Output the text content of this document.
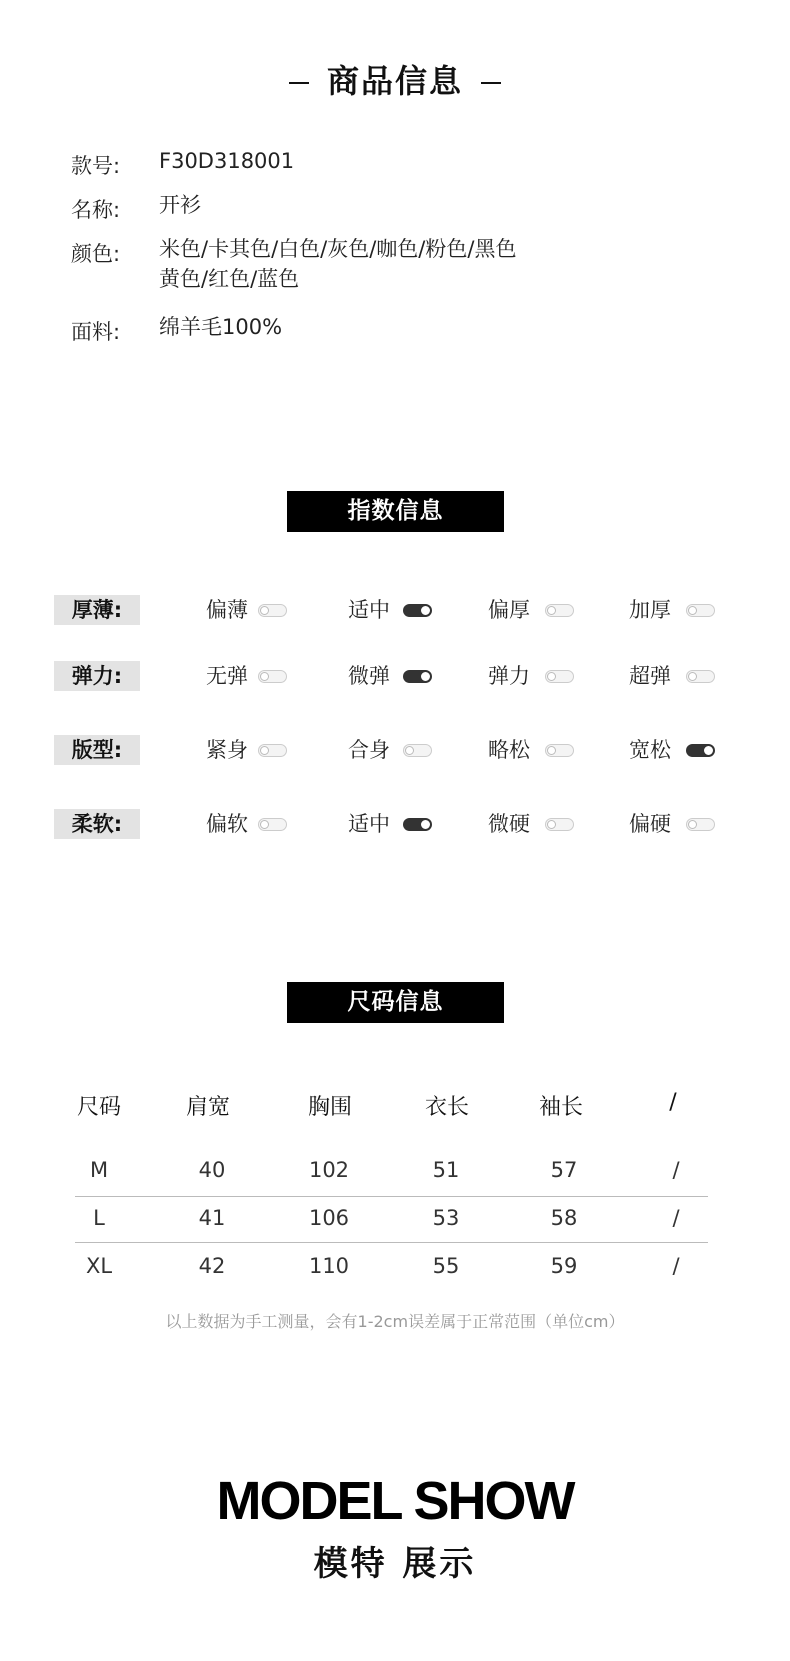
商品信息
款号:	F30D318001
名称:	开衫
颜色:	米色/卡其色/白色/灰色/咖色/粉色/黑色
黄色/红色/蓝色
面料:	绵羊毛100%
指数信息
厚薄:	偏薄	适中	偏厚	加厚
弹力:	无弹	微弹	弹力	超弹
版型:	紧身	合身	略松	宽松
柔软:	偏软	适中	微硬	偏硬
尺码信息
尺码	肩宽	胸围	衣长	袖长	/
M	40	102	51	57	/
L	41	106	53	58	/
XL	42	110	55	59	/
以上数据为手工测量，会有1-2cm误差属于正常范围（单位cm）
MODEL SHOW
模特 展示
